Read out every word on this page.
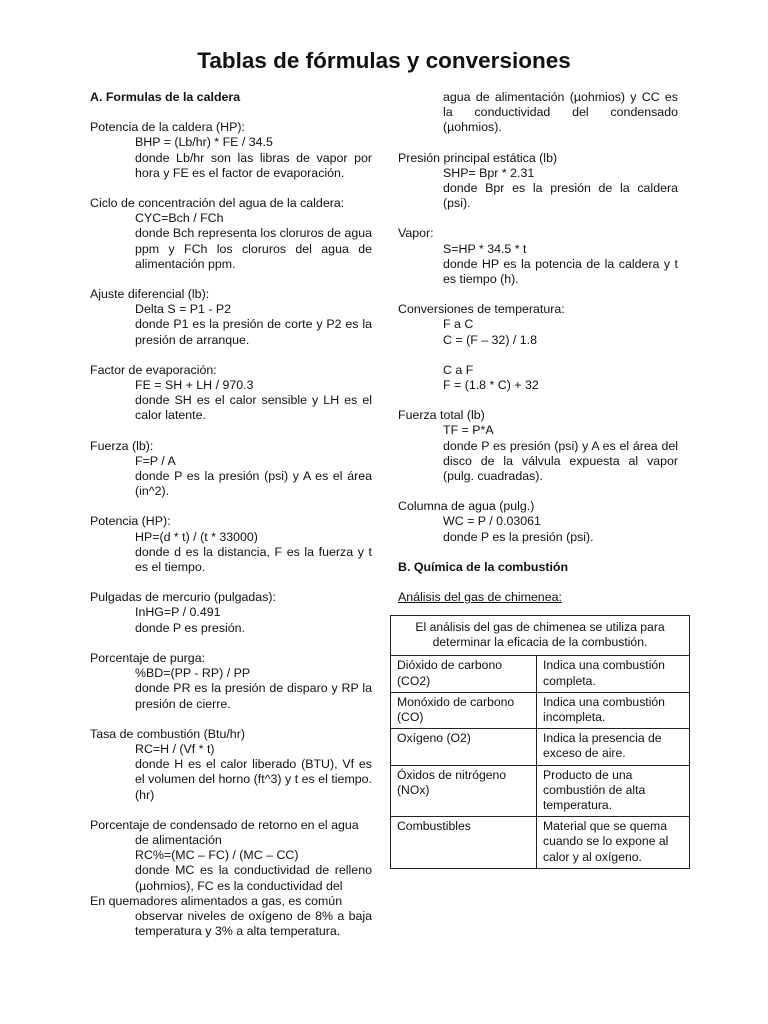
Tablas de fórmulas y conversiones

A. Formulas de la caldera

Potencia de la caldera (HP):

BHP = (Lb/hr) * FE / 34.5

donde Lb/hr son las libras de vapor por hora y FE es el factor de evaporación.

Ciclo de concentración del agua de la caldera:

CYC=Bch / FCh

donde Bch representa los cloruros de agua ppm y FCh los cloruros del agua de alimentación ppm.

Ajuste diferencial (lb):

Delta S = P1 - P2

donde P1 es la presión de corte y P2 es la presión de arranque.

Factor de evaporación:

FE = SH + LH / 970.3

donde SH es el calor sensible y LH es el calor latente.

Fuerza (lb):

F=P / A

donde P es la presión (psi) y A es el área (in^2).

Potencia (HP):

HP=(d * t) / (t * 33000)

donde d es la distancia, F es la fuerza y t es el tiempo.

Pulgadas de mercurio (pulgadas):

InHG=P / 0.491

donde P es presión.

Porcentaje de purga:

%BD=(PP - RP) / PP

donde PR es la presión de disparo y RP la presión de cierre.

Tasa de combustión (Btu/hr)

RC=H / (Vf * t)

donde H es el calor liberado (BTU), Vf es el volumen del horno (ft^3) y t es el tiempo. (hr)

Porcentaje de condensado de retorno en el agua

de alimentación

RC%=(MC – FC) / (MC – CC)

donde MC es la conductividad de relleno (µohmios), FC es la conductividad del

En quemadores alimentados a gas, es común

observar niveles de oxígeno de 8% a baja temperatura y 3% a alta temperatura.

agua de alimentación (µohmios) y CC es la conductividad del condensado (µohmios).

Presión principal estática (lb)

SHP= Bpr * 2.31

donde Bpr es la presión de la caldera (psi).

Vapor:

S=HP * 34.5 * t

donde HP es la potencia de la caldera y t es tiempo (h).

Conversiones de temperatura:

F a C

C = (F – 32) / 1.8

C a F

F = (1.8 * C) + 32

Fuerza total (lb)

TF = P*A

donde P es presión (psi) y A es el área del disco de la válvula expuesta al vapor (pulg. cuadradas).

Columna de agua (pulg.)

WC = P / 0.03061

donde P es la presión (psi).

B. Química de la combustión

Análisis del gas de chimenea:

El análisis del gas de chimenea se utiliza para determinar la eficacia de la combustión.	
Dióxido de carbono (CO2)	Indica una combustión completa.
Monóxido de carbono (CO)	Indica una combustión incompleta.
Oxígeno (O2)	Indica la presencia de exceso de aire.
Óxidos de nitrógeno (NOx)	Producto de una combustión de alta temperatura.
Combustibles	Material que se quema cuando se lo expone al calor y al oxígeno.
